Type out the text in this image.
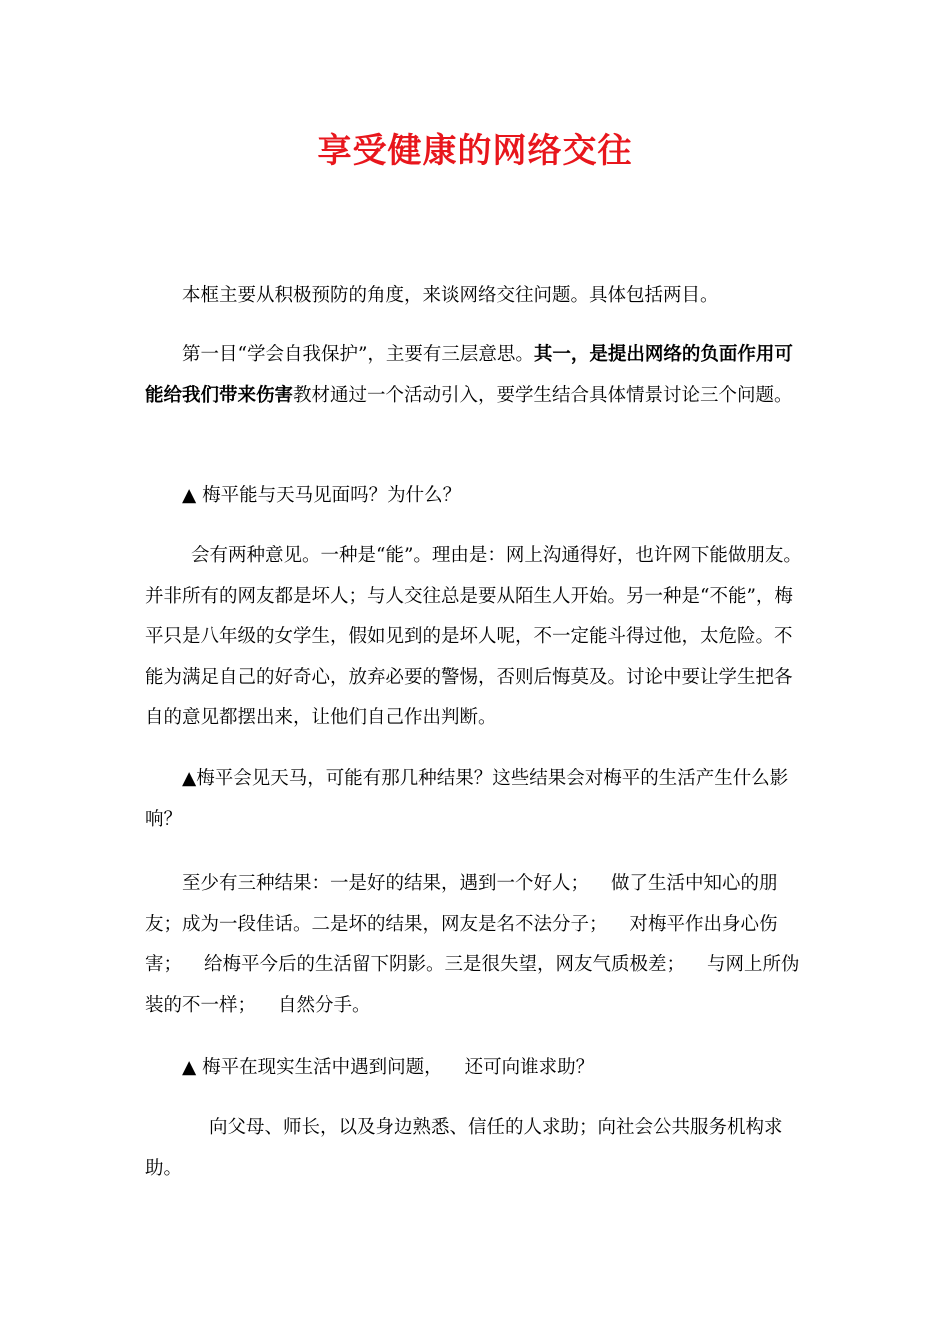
享受健康的网络交往

本框主要从积极预防的角度，来谈网络交往问题。具体包括两目。

第一目“学会自我保护”，主要有三层意思。其一，是提出网络的负面作用可能给我们带来伤害教材通过一个活动引入，要学生结合具体情景讨论三个问题。

▲ 梅平能与天马见面吗？为什么？

会有两种意见。一种是“能”。理由是：网上沟通得好，也许网下能做朋友。并非所有的网友都是坏人；与人交往总是要从陌生人开始。另一种是“不能”，梅平只是八年级的女学生，假如见到的是坏人呢，不一定能斗得过他，太危险。不能为满足自己的好奇心，放弃必要的警惕，否则后悔莫及。讨论中要让学生把各自的意见都摆出来，让他们自己作出判断。

▲梅平会见天马，可能有那几种结果？这些结果会对梅平的生活产生什么影响？

至少有三种结果：一是好的结果，遇到一个好人； 做了生活中知心的朋友；成为一段佳话。二是坏的结果，网友是名不法分子； 对梅平作出身心伤害； 给梅平今后的生活留下阴影。三是很失望，网友气质极差； 与网上所伪装的不一样； 自然分手。

▲ 梅平在现实生活中遇到问题， 还可向谁求助？

向父母、师长，以及身边熟悉、信任的人求助；向社会公共服务机构求助。
